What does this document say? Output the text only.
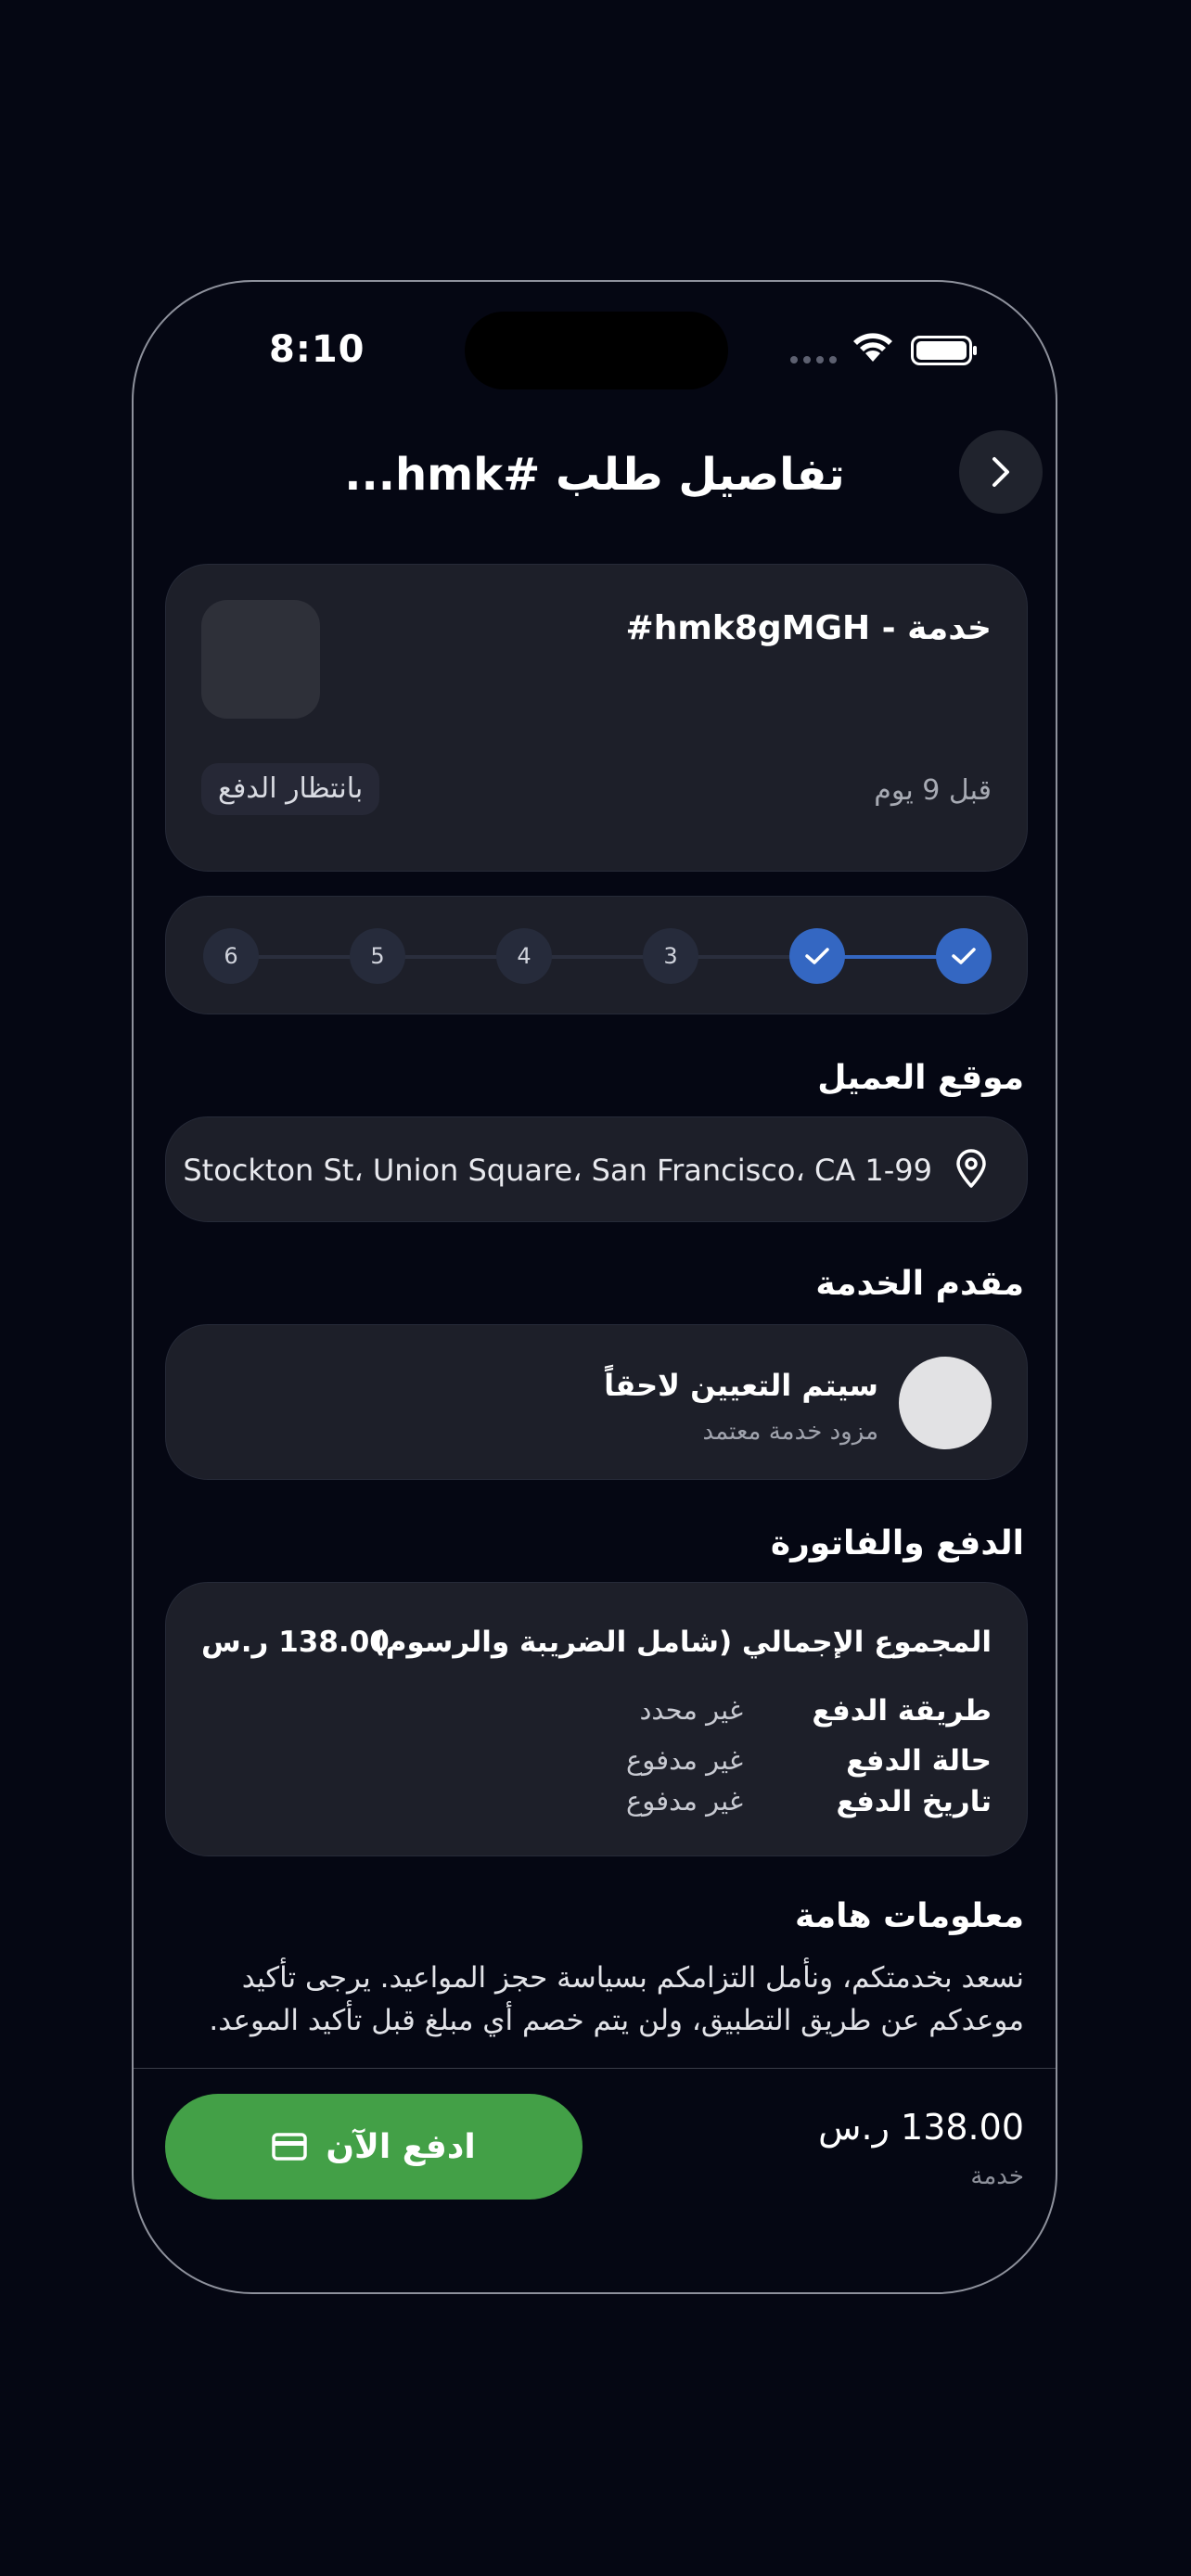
8:10
تفاصيل طلب #hmk...
خدمة - hmk8gMGH#
بانتظار الدفع	قبل 9 يوم
3
4
5
6
موقع العميل
1-99 Stockton St، Union Square، San Francisco، CA
مقدم الخدمة
سيتم التعيين لاحقاً
مزود خدمة معتمد
الدفع والفاتورة
المجموع الإجمالي (شامل الضريبة والرسوم)
138.00 ر.س
طريقة الدفع
غير محدد
حالة الدفع
غير مدفوع
تاريخ الدفع
غير مدفوع
معلومات هامة
نسعد بخدمتكم، ونأمل التزامكم بسياسة حجز المواعيد. يرجى تأكيد موعدكم عن طريق التطبيق، ولن يتم خصم أي مبلغ قبل تأكيد الموعد.
ادفع الآن	138.00 ر.س
خدمة
